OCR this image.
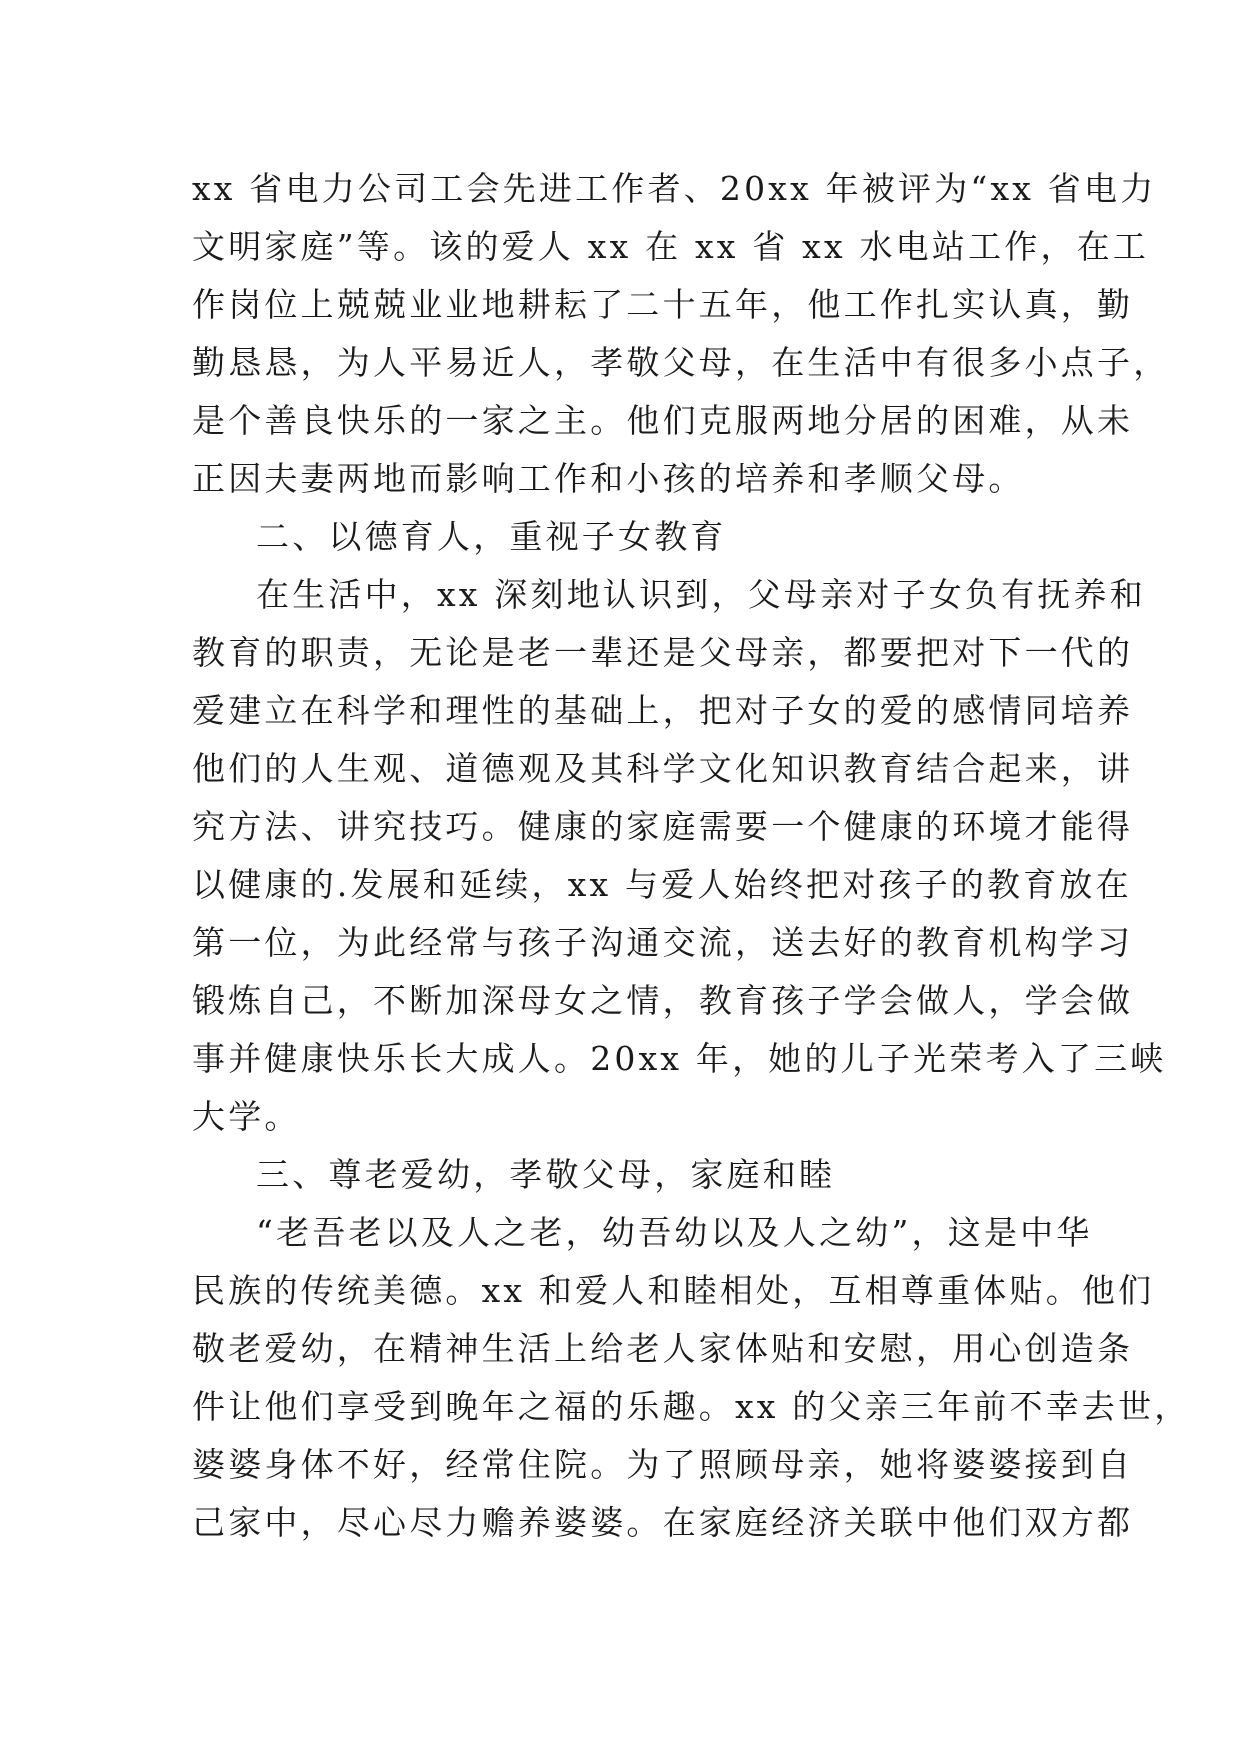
xx 省电力公司工会先进工作者、20xx 年被评为“xx 省电力
文明家庭”等。该的爱人 xx 在 xx 省 xx 水电站工作，在工
作岗位上兢兢业业地耕耘了二十五年，他工作扎实认真，勤
勤恳恳，为人平易近人，孝敬父母，在生活中有很多小点子，
是个善良快乐的一家之主。他们克服两地分居的困难，从未
正因夫妻两地而影响工作和小孩的培养和孝顺父母。
二、以德育人，重视子女教育
在生活中，xx 深刻地认识到，父母亲对子女负有抚养和
教育的职责，无论是老一辈还是父母亲，都要把对下一代的
爱建立在科学和理性的基础上，把对子女的爱的感情同培养
他们的人生观、道德观及其科学文化知识教育结合起来，讲
究方法、讲究技巧。健康的家庭需要一个健康的环境才能得
以健康的.发展和延续，xx 与爱人始终把对孩子的教育放在
第一位，为此经常与孩子沟通交流，送去好的教育机构学习
锻炼自己，不断加深母女之情，教育孩子学会做人，学会做
事并健康快乐长大成人。20xx 年，她的儿子光荣考入了三峡
大学。
三、尊老爱幼，孝敬父母，家庭和睦
“老吾老以及人之老，幼吾幼以及人之幼”，这是中华
民族的传统美德。xx 和爱人和睦相处，互相尊重体贴。他们
敬老爱幼，在精神生活上给老人家体贴和安慰，用心创造条
件让他们享受到晚年之福的乐趣。xx 的父亲三年前不幸去世，
婆婆身体不好，经常住院。为了照顾母亲，她将婆婆接到自
己家中，尽心尽力赡养婆婆。在家庭经济关联中他们双方都
